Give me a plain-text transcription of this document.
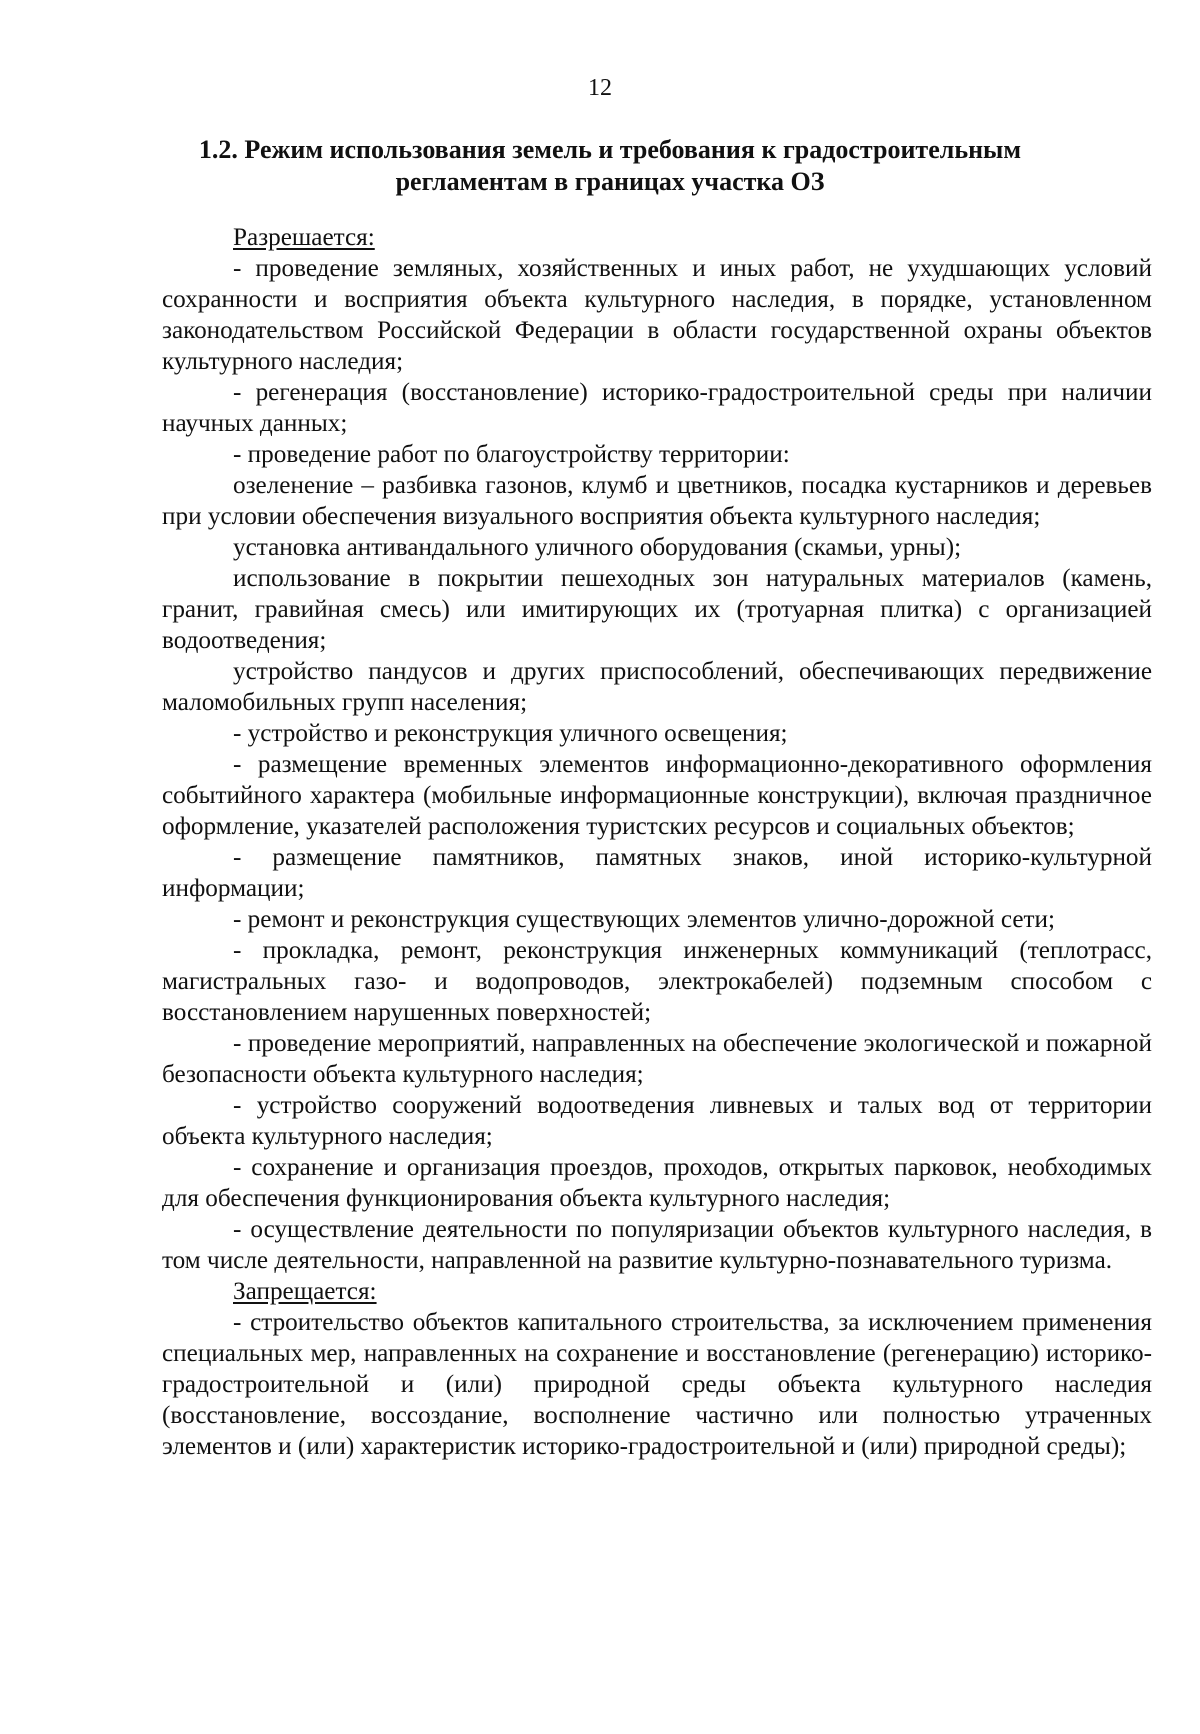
12
1.2. Режим использования земель и требования к градостроительным регламентам в границах участка ОЗ

Разрешается:

- проведение земляных, хозяйственных и иных работ, не ухудшающих условий сохранности и восприятия объекта культурного наследия, в порядке, установленном законодательством Российской Федерации в области государственной охраны объектов культурного наследия;

- регенерация (восстановление) историко-градостроительной среды при наличии научных данных;

- проведение работ по благоустройству территории:

озеленение – разбивка газонов, клумб и цветников, посадка кустарников и деревьев при условии обеспечения визуального восприятия объекта культурного наследия;

установка антивандального уличного оборудования (скамьи, урны);

использование в покрытии пешеходных зон натуральных материалов (камень, гранит, гравийная смесь) или имитирующих их (тротуарная плитка) с организацией водоотведения;

устройство пандусов и других приспособлений, обеспечивающих передвижение маломобильных групп населения;

- устройство и реконструкция уличного освещения;

- размещение временных элементов информационно-декоративного оформления событийного характера (мобильные информационные конструкции), включая праздничное оформление, указателей расположения туристских ресурсов и социальных объектов;

- размещение памятников, памятных знаков, иной историко-культурной информации;

- ремонт и реконструкция существующих элементов улично-дорожной сети;

- прокладка, ремонт, реконструкция инженерных коммуникаций (теплотрасс, магистральных газо- и водопроводов, электрокабелей) подземным способом с восстановлением нарушенных поверхностей;

- проведение мероприятий, направленных на обеспечение экологической и пожарной безопасности объекта культурного наследия;

- устройство сооружений водоотведения ливневых и талых вод от территории объекта культурного наследия;

- сохранение и организация проездов, проходов, открытых парковок, необходимых для обеспечения функционирования объекта культурного наследия;

- осуществление деятельности по популяризации объектов культурного наследия, в том числе деятельности, направленной на развитие культурно-познавательного туризма.

Запрещается:

- строительство объектов капитального строительства, за исключением применения специальных мер, направленных на сохранение и восстановление (регенерацию) историко-градостроительной и (или) природной среды объекта культурного наследия (восстановление, воссоздание, восполнение частично или полностью утраченных элементов и (или) характеристик историко-градостроительной и (или) природной среды);
